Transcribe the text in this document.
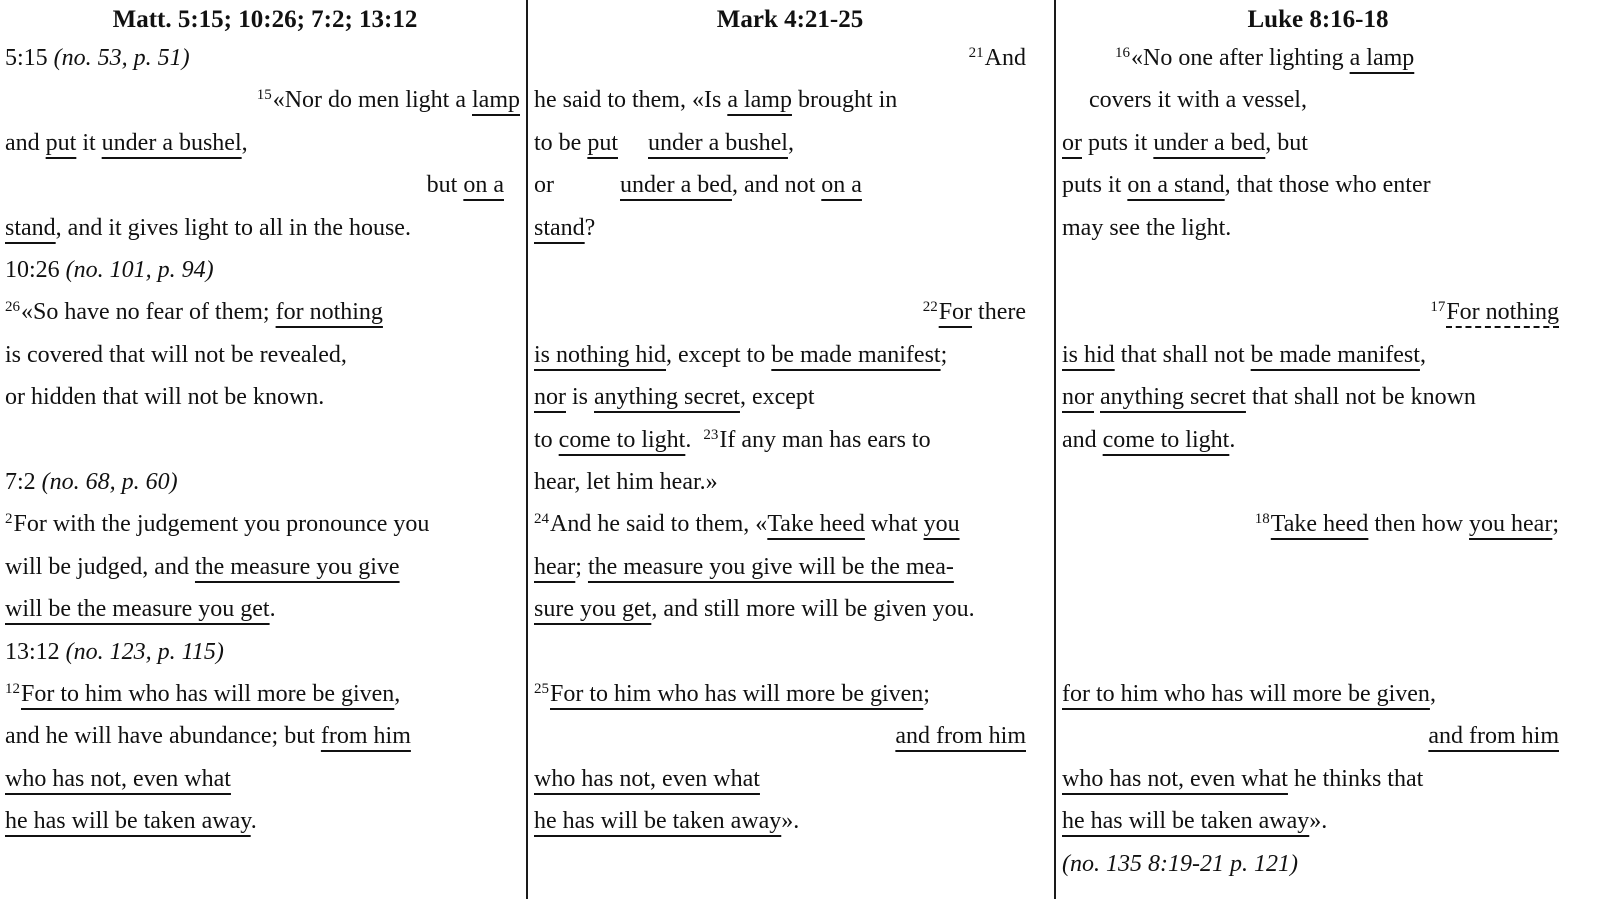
Matt. 5:15; 10:26; 7:2; 13:12
5:15 (no. 53, p. 51)
$^{15}$«Nor do men light a lamp
and put it under a bushel,
but on a
stand, and it gives light to all in the house.
10:26 (no. 101, p. 94)
$^{26}$«So have no fear of them; for nothing
is covered that will not be revealed,
or hidden that will not be known.
7:2 (no. 68, p. 60)
$^2$For with the judgement you pronounce you
will be judged, and the measure you give
will be the measure you get.
13:12 (no. 123, p. 115)
$^{12}$For to him who has will more be given,
and he will have abundance; but from him
who has not, even what
he has will be taken away.
Mark 4:21-25
$^{21}$And
he said to them, «Is a lamp brought in
to be put under a bushel,
or           under a bed, and not on a
stand?
$^{22}$For there
is nothing hid, except to be made manifest;
nor is anything secret, except
to come to light.  $^{23}$If any man has ears to
hear, let him hear.»
$^{24}$And he said to them, «Take heed what you
hear; the measure you give will be the mea-
sure you get, and still more will be given you.
$^{25}$For to him who has will more be given;
and from him
who has not, even what
he has will be taken away».
Luke 8:16-18
$^{16}$«No one after lighting a lamp
covers it with a vessel,
or puts it under a bed, but
puts it on a stand, that those who enter
may see the light.
$^{17}$For nothing
is hid that shall not be made manifest,
nor anything secret that shall not be known
and come to light.
$^{18}$Take heed then how you hear;
for to him who has will more be given,
and from him
who has not, even what he thinks that
he has will be taken away».
(no. 135 8:19-21 p. 121)
